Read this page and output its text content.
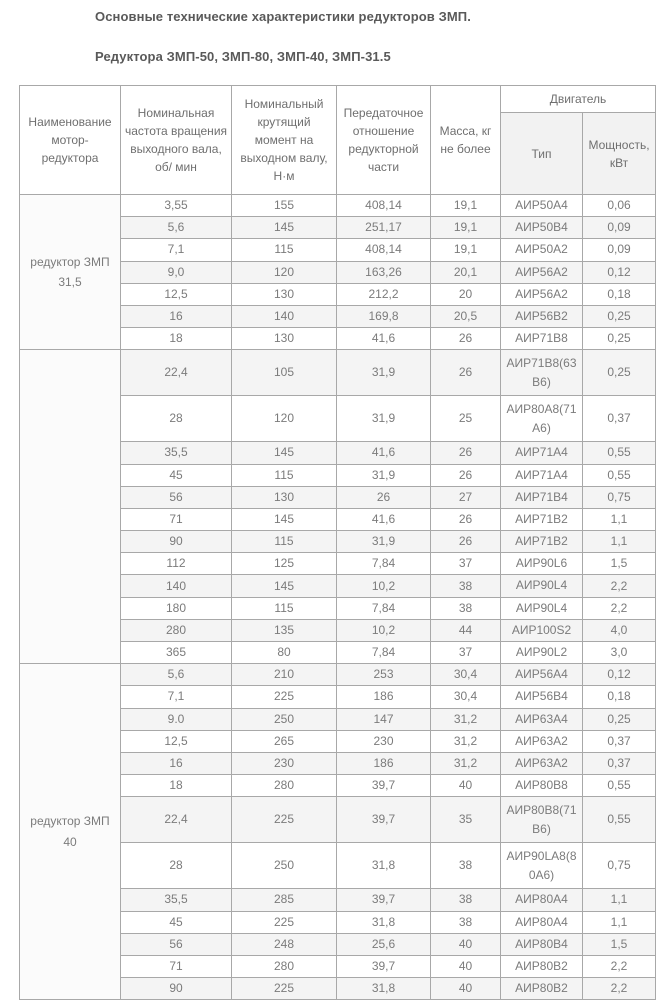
Основные технические характеристики редукторов ЗМП.
Редуктора ЗМП-50, ЗМП-80, ЗМП-40, ЗМП-31.5
Наименование мотор-редуктора	Номинальная частота вращения выходного вала, об/ мин	Номинальный крутящий момент на выходном валу, Н·м	Передаточное отношение редукторной части	Масса, кг не более	Двигатель	
					Тип	Мощность, кВт
редуктор ЗМП 31,5	3,55	155	408,14	19,1	АИР50А4	0,06
	5,6	145	251,17	19,1	АИР50В4	0,09
	7,1	115	408,14	19,1	АИР50А2	0,09
	9,0	120	163,26	20,1	АИР56А2	0,12
	12,5	130	212,2	20	АИР56А2	0,18
	16	140	169,8	20,5	АИР56В2	0,25
	18	130	41,6	26	АИР71В8	0,25
	22,4	105	31,9	26	АИР71В8(63В6)	0,25
	28	120	31,9	25	АИР80А8(71А6)	0,37
	35,5	145	41,6	26	АИР71А4	0,55
	45	115	31,9	26	АИР71А4	0,55
	56	130	26	27	АИР71В4	0,75
	71	145	41,6	26	АИР71В2	1,1
	90	115	31,9	26	АИР71В2	1,1
	112	125	7,84	37	АИР90L6	1,5
	140	145	10,2	38	АИР90L4	2,2
	180	115	7,84	38	АИР90L4	2,2
	280	135	10,2	44	АИР100S2	4,0
	365	80	7,84	37	АИР90L2	3,0
редуктор ЗМП 40	5,6	210	253	30,4	АИР56А4	0,12
	7,1	225	186	30,4	АИР56В4	0,18
	9.0	250	147	31,2	АИР63А4	0,25
	12,5	265	230	31,2	АИР63А2	0,37
	16	230	186	31,2	АИР63А2	0,37
	18	280	39,7	40	АИР80В8	0,55
	22,4	225	39,7	35	АИР80В8(71В6)	0,55
	28	250	31,8	38	АИР90LA8(80А6)	0,75
	35,5	285	39,7	38	АИР80А4	1,1
	45	225	31,8	38	АИР80А4	1,1
	56	248	25,6	40	АИР80В4	1,5
	71	280	39,7	40	АИР80В2	2,2
	90	225	31,8	40	АИР80В2	2,2
